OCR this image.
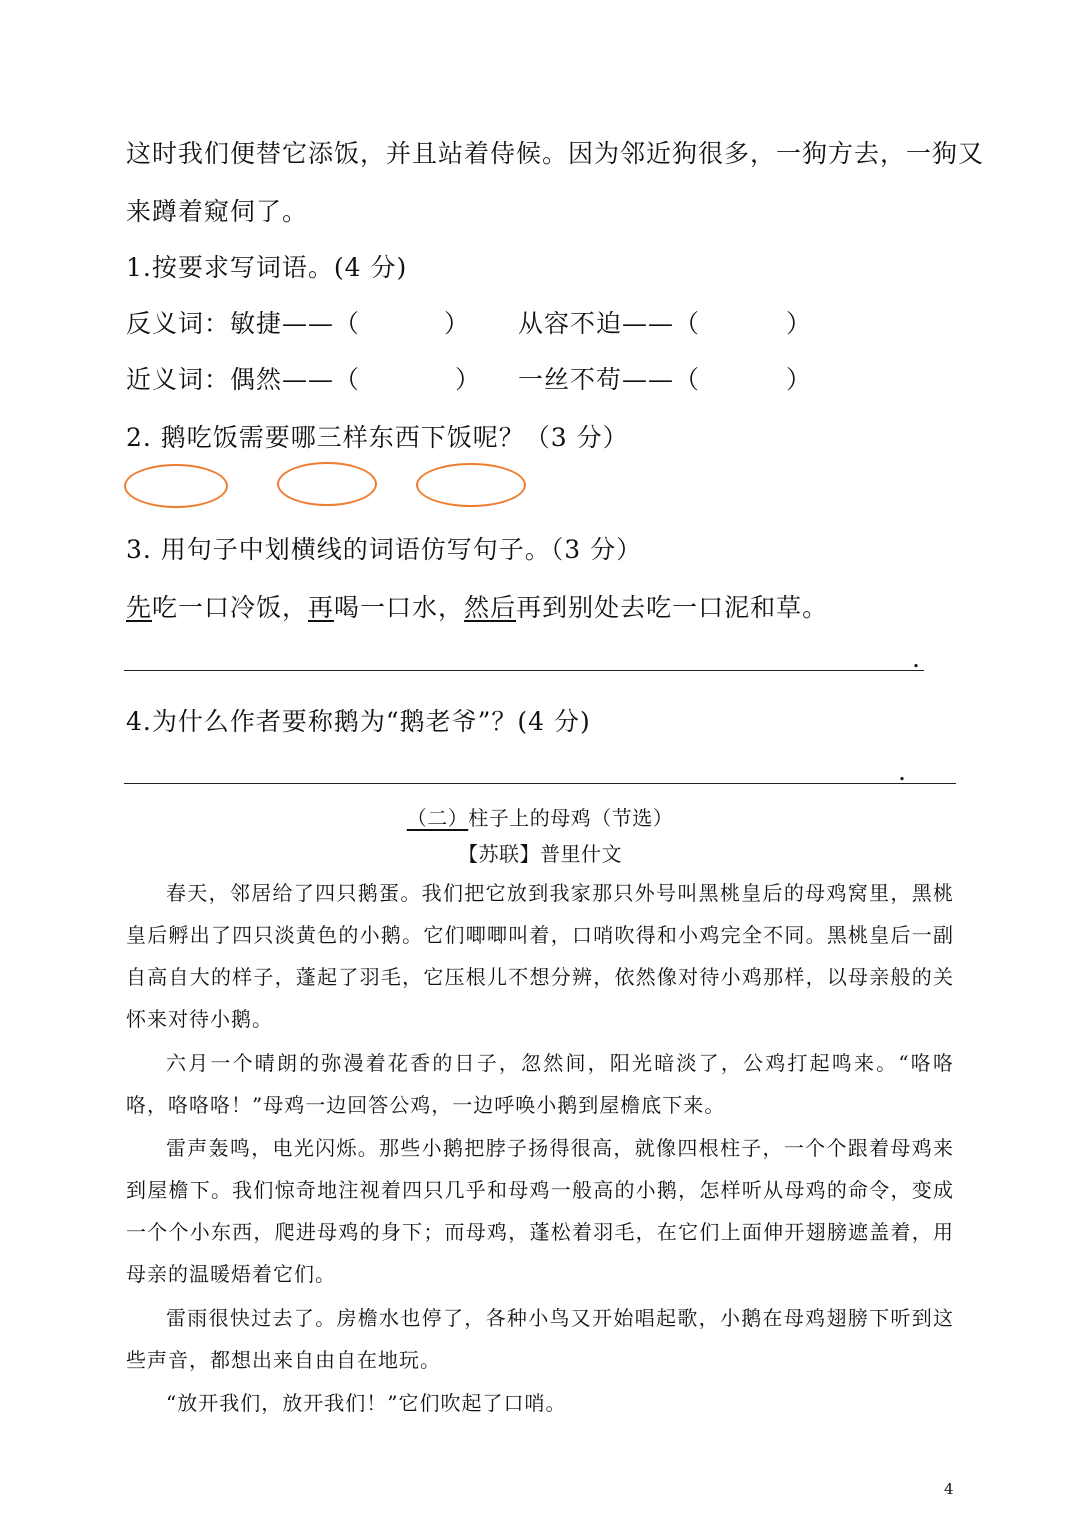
这时我们便替它添饭，并且站着侍候。因为邻近狗很多，一狗方去，一狗又
来蹲着窥伺了。
1.按要求写词语。(4 分)
反义词：敏捷——（	） 从容不迫——（	）
近义词：偶然——（	） 一丝不苟——（	）
2. 鹅吃饭需要哪三样东西下饭呢？（3 分）
3. 用句子中划横线的词语仿写句子。（3 分）
先吃一口冷饭，再喝一口水，然后再到别处去吃一口泥和草。
.
4.为什么作者要称鹅为“鹅老爷”？(4 分)
.
（二）柱子上的母鸡（节选）
【苏联】普里什文
春天，邻居给了四只鹅蛋。我们把它放到我家那只外号叫黑桃皇后的母鸡窝里，黑桃皇后孵出了四只淡黄色的小鹅。它们唧唧叫着，口哨吹得和小鸡完全不同。黑桃皇后一副自高自大的样子，蓬起了羽毛，它压根儿不想分辨，依然像对待小鸡那样，以母亲般的关怀来对待小鹅。
六月一个晴朗的弥漫着花香的日子，忽然间，阳光暗淡了，公鸡打起鸣来。“咯咯咯，咯咯咯！”母鸡一边回答公鸡，一边呼唤小鹅到屋檐底下来。
雷声轰鸣，电光闪烁。那些小鹅把脖子扬得很高，就像四根柱子，一个个跟着母鸡来到屋檐下。我们惊奇地注视着四只几乎和母鸡一般高的小鹅，怎样听从母鸡的命令，变成一个个小东西，爬进母鸡的身下；而母鸡，蓬松着羽毛，在它们上面伸开翅膀遮盖着，用母亲的温暖焐着它们。
雷雨很快过去了。房檐水也停了，各种小鸟又开始唱起歌，小鹅在母鸡翅膀下听到这些声音，都想出来自由自在地玩。
“放开我们，放开我们！”它们吹起了口哨。
4
